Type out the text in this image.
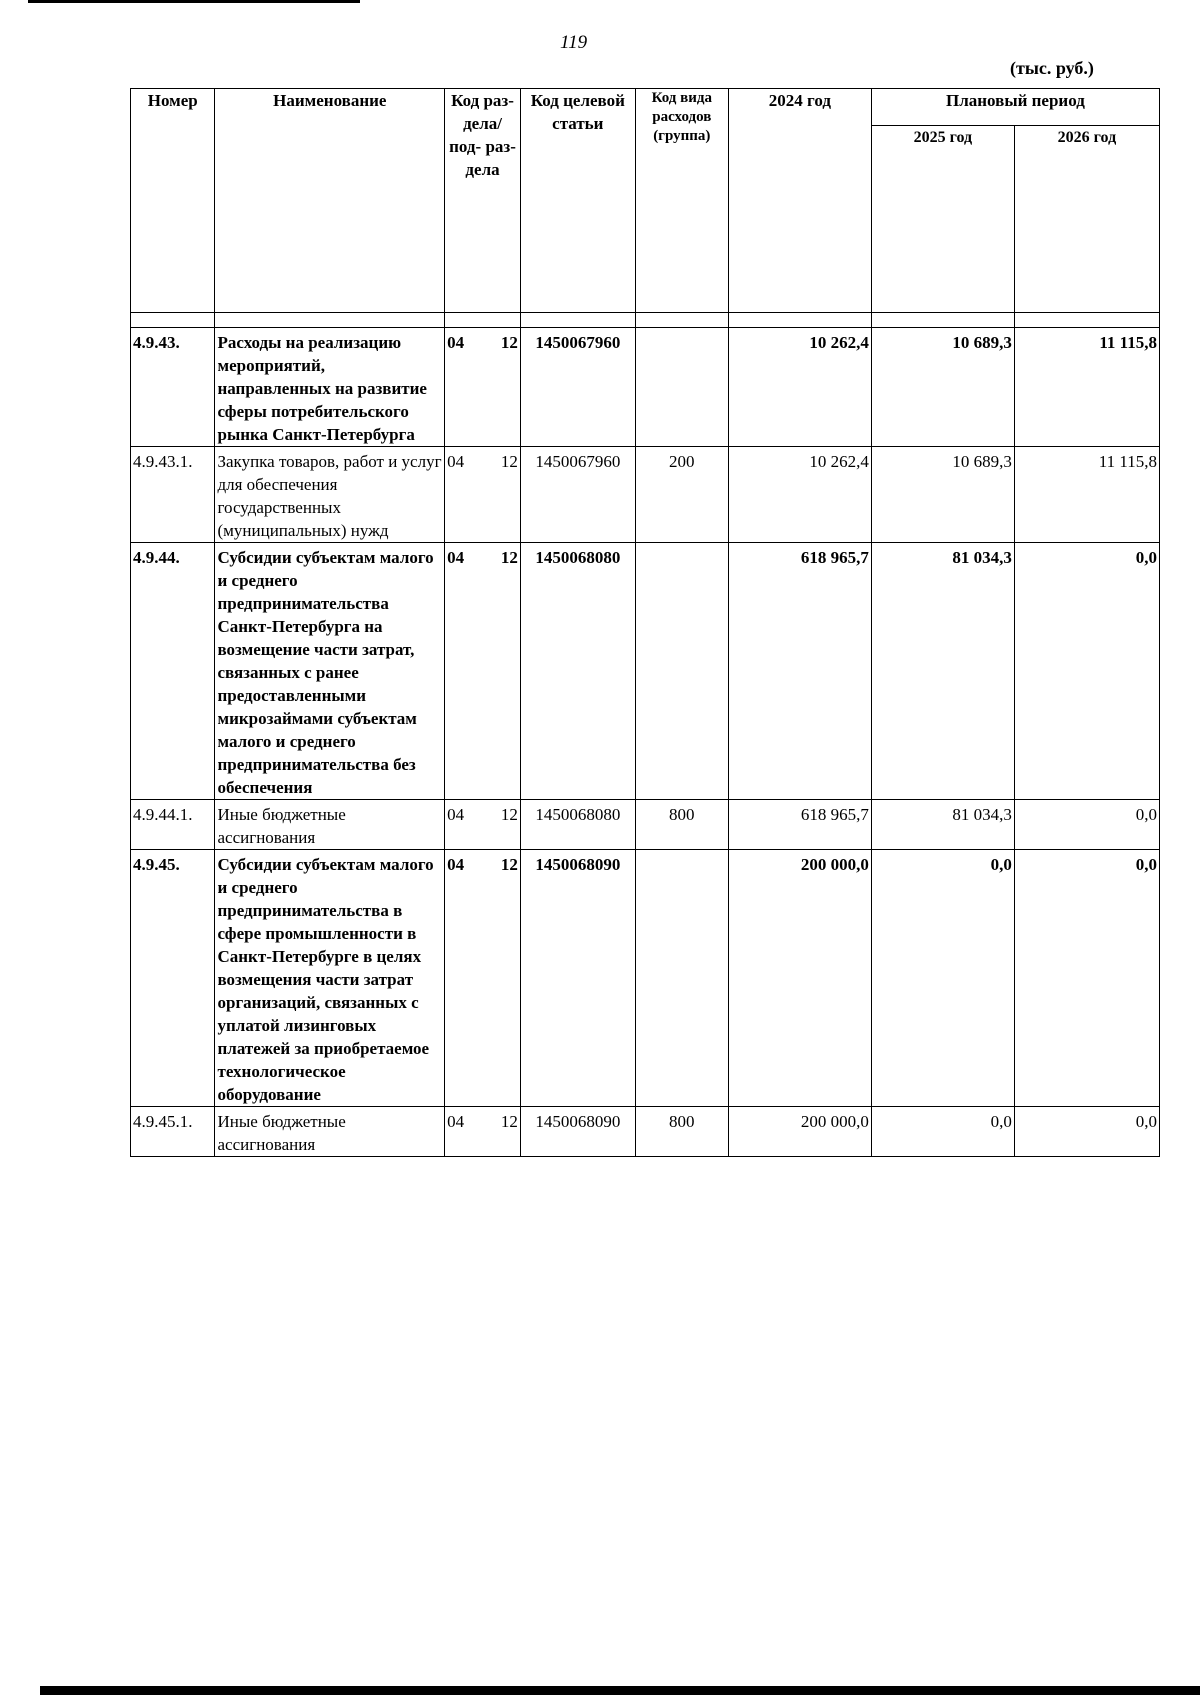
119
(тыс. руб.)
Номер	Наименование	Код раз- дела/ под- раз- дела	Код целевой статьи	Код вида расходов (группа)	2024 год	Плановый период	
						2025 год	2026 год

4.9.43.	Расходы на реализацию мероприятий, направленных на развитие сферы потребительского рынка Санкт-Петербурга	04 12	1450067960		10 262,4	10 689,3	11 115,8
4.9.43.1.	Закупка товаров, работ и услуг для обеспечения государственных (муниципальных) нужд	04 12	1450067960	200	10 262,4	10 689,3	11 115,8
4.9.44.	Субсидии субъектам малого и среднего предпринимательства Санкт-Петербурга на возмещение части затрат, связанных с ранее предоставленными микрозаймами субъектам малого и среднего предпринимательства без обеспечения	04 12	1450068080		618 965,7	81 034,3	0,0
4.9.44.1.	Иные бюджетные ассигнования	04 12	1450068080	800	618 965,7	81 034,3	0,0
4.9.45.	Субсидии субъектам малого и среднего предпринимательства в сфере промышленности в Санкт-Петербурге в целях возмещения части затрат организаций, связанных с уплатой лизинговых платежей за приобретаемое технологическое оборудование	04 12	1450068090		200 000,0	0,0	0,0
4.9.45.1.	Иные бюджетные ассигнования	04 12	1450068090	800	200 000,0	0,0	0,0
